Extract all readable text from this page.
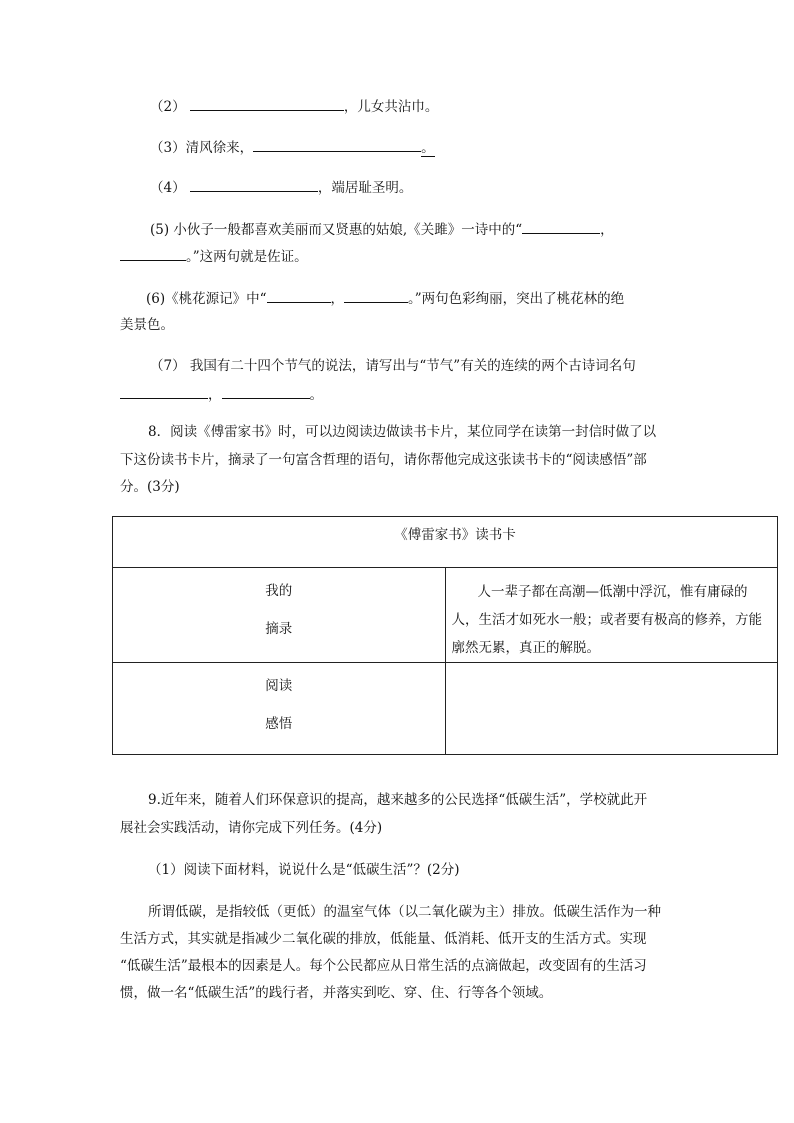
（2）	，儿女共沾巾。
（3）清风徐来，	。
（4）	，端居耻圣明。
(5) 小伙子一般都喜欢美丽而又贤惠的姑娘,《关雎》一诗中的“	，
。”这两句就是佐证。
(6)《桃花源记》中“	，	。”两句色彩绚丽，突出了桃花林的绝
美景色。
（7） 我国有二十四个节气的说法，请写出与“节气”有关的连续的两个古诗词名句
，	。
8．阅读《傅雷家书》时，可以边阅读边做读书卡片，某位同学在读第一封信时做了以
下这份读书卡片，摘录了一句富含哲理的语句，请你帮他完成这张读书卡的“阅读感悟”部
分。(3分)
《傅雷家书》读书卡	

我的
摘录	人一辈子都在高潮—低潮中浮沉，惟有庸碌的人，生活才如死水一般；或者要有极高的修养，方能廓然无累，真正的解脱。

阅读
感悟	

9.近年来，随着人们环保意识的提高，越来越多的公民选择“低碳生活”，学校就此开
展社会实践活动，请你完成下列任务。(4分)
（1）阅读下面材料，说说什么是“低碳生活”？(2分)
所谓低碳，是指较低（更低）的温室气体（以二氧化碳为主）排放。低碳生活作为一种
生活方式，其实就是指减少二氧化碳的排放，低能量、低消耗、低开支的生活方式。实现
“低碳生活”最根本的因素是人。每个公民都应从日常生活的点滴做起，改变固有的生活习
惯，做一名“低碳生活”的践行者，并落实到吃、穿、住、行等各个领域。
